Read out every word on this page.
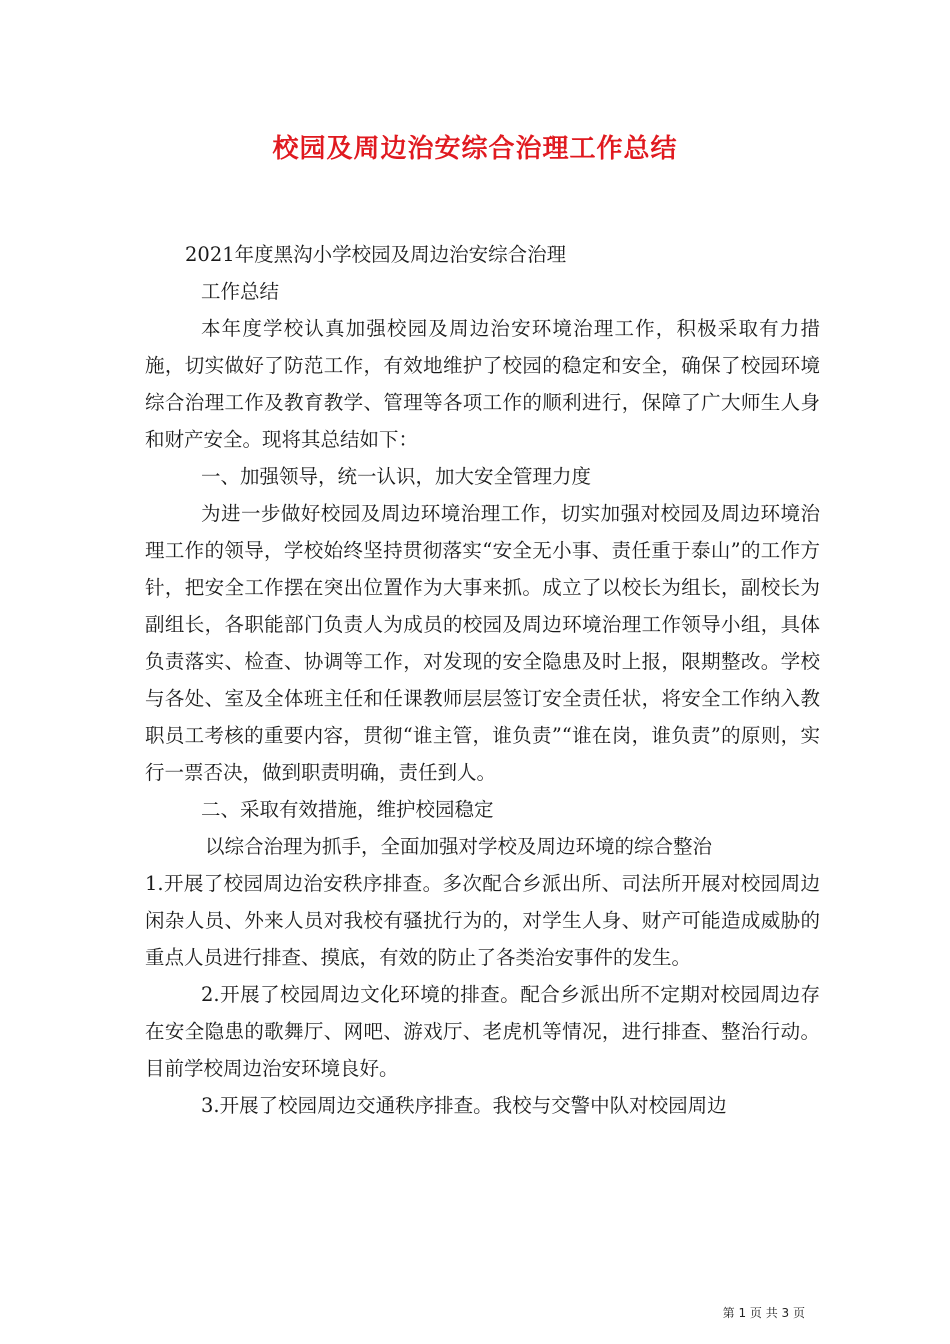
校园及周边治安综合治理工作总结

2021年度黑沟小学校园及周边治安综合治理

工作总结

本年度学校认真加强校园及周边治安环境治理工作，积极采取有力措施，切实做好了防范工作，有效地维护了校园的稳定和安全，确保了校园环境综合治理工作及教育教学、管理等各项工作的顺利进行，保障了广大师生人身和财产安全。现将其总结如下：

一、加强领导，统一认识，加大安全管理力度

为进一步做好校园及周边环境治理工作，切实加强对校园及周边环境治理工作的领导，学校始终坚持贯彻落实“安全无小事、责任重于泰山”的工作方针，把安全工作摆在突出位置作为大事来抓。成立了以校长为组长，副校长为副组长，各职能部门负责人为成员的校园及周边环境治理工作领导小组，具体负责落实、检查、协调等工作，对发现的安全隐患及时上报，限期整改。学校与各处、室及全体班主任和任课教师层层签订安全责任状，将安全工作纳入教职员工考核的重要内容，贯彻“谁主管，谁负责”“谁在岗，谁负责”的原则，实行一票否决，做到职责明确，责任到人。

二、采取有效措施，维护校园稳定

以综合治理为抓手，全面加强对学校及周边环境的综合整治

1.开展了校园周边治安秩序排查。多次配合乡派出所、司法所开展对校园周边闲杂人员、外来人员对我校有骚扰行为的，对学生人身、财产可能造成威胁的重点人员进行排查、摸底，有效的防止了各类治安事件的发生。

2.开展了校园周边文化环境的排查。配合乡派出所不定期对校园周边存在安全隐患的歌舞厅、网吧、游戏厅、老虎机等情况，进行排查、整治行动。目前学校周边治安环境良好。

3.开展了校园周边交通秩序排查。我校与交警中队对校园周边

第 1 页 共 3 页
